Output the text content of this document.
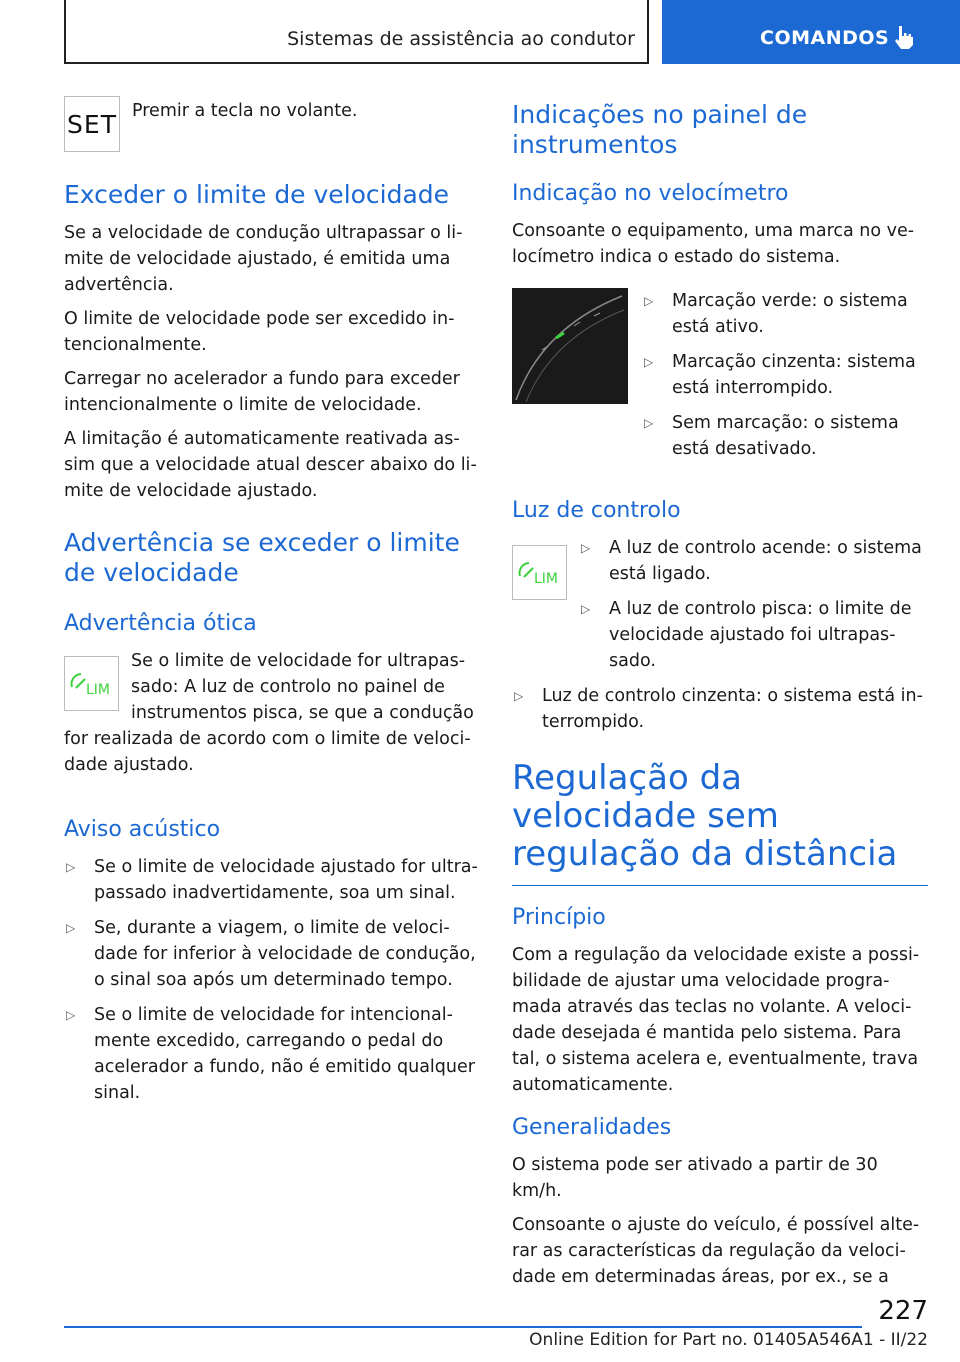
Sistemas de assistência ao condutor	COMANDOS
SET Premir a tecla no volante.

Exceder o limite de velocidade

Se a velocidade de condução ultrapassar o limite de velocidade ajustado, é emitida uma advertência.

O limite de velocidade pode ser excedido intencionalmente.

Carregar no acelerador a fundo para exceder intencionalmente o limite de velocidade.

A limitação é automaticamente reativada assim que a velocidade atual descer abaixo do limite de velocidade ajustado.

Advertência se exceder o limite de velocidade
Advertência ótica
LIM

Se o limite de velocidade for ultrapassado: A luz de controlo no painel de instrumentos pisca, se que a condução for realizada de acordo com o limite de velocidade ajustado.

Aviso acústico
▷ Se o limite de velocidade ajustado for ultrapassado inadvertidamente, soa um sinal.
▷ Se, durante a viagem, o limite de velocidade for inferior à velocidade de condução, o sinal soa após um determinado tempo.
▷ Se o limite de velocidade for intencionalmente excedido, carregando o pedal do acelerador a fundo, não é emitido qualquer sinal.
Indicações no painel de instrumentos
Indicação no velocímetro

Consoante o equipamento, uma marca no velocímetro indica o estado do sistema.

▷ Marcação verde: o sistema está ativo.
▷ Marcação cinzenta: sistema está interrompido.
▷ Sem marcação: o sistema está desativado.
Luz de controlo
LIM
▷ A luz de controlo acende: o sistema está ligado.
▷ A luz de controlo pisca: o limite de velocidade ajustado foi ultrapassado.
▷ Luz de controlo cinzenta: o sistema está interrompido.
Regulação da velocidade sem regulação da distância
Princípio

Com a regulação da velocidade existe a possibilidade de ajustar uma velocidade programada através das teclas no volante. A velocidade desejada é mantida pelo sistema. Para tal, o sistema acelera e, eventualmente, trava automaticamente.

Generalidades

O sistema pode ser ativado a partir de 30 km/h.

Consoante o ajuste do veículo, é possível alterar as características da regulação da velocidade em determinadas áreas, por ex., se a

227
Online Edition for Part no. 01405A546A1 - II/22
